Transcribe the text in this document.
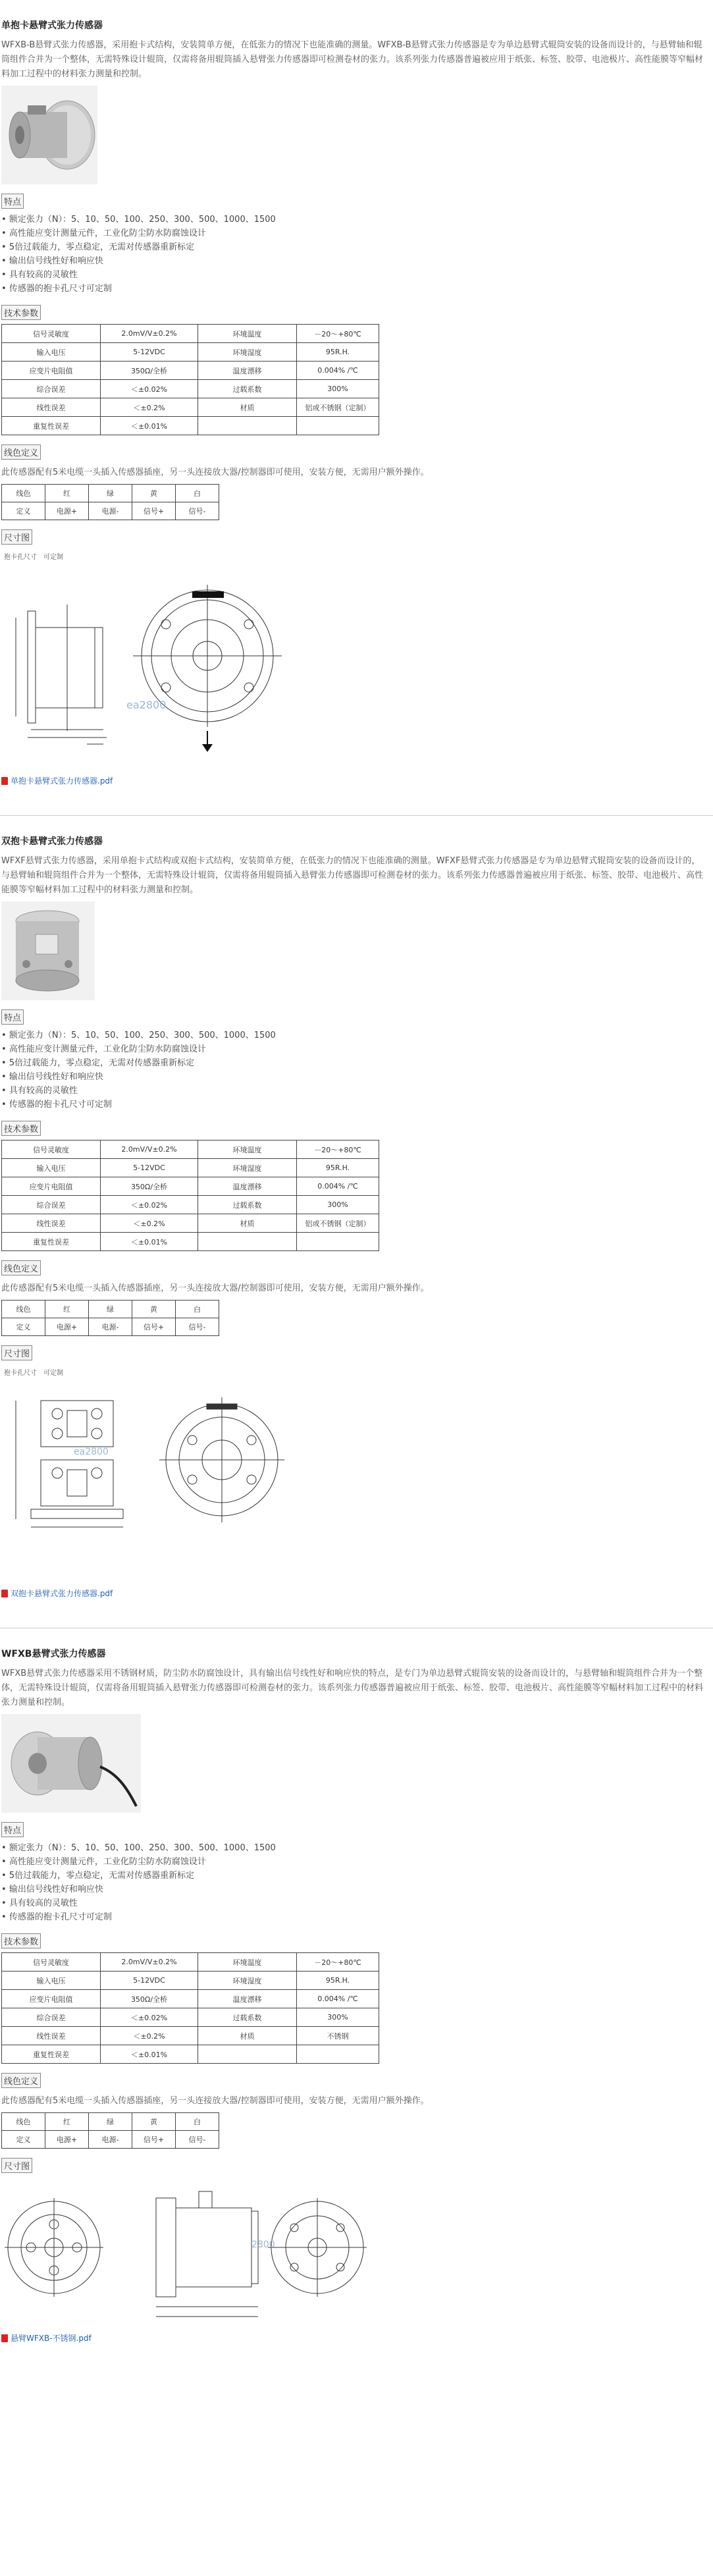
单抱卡悬臂式张力传感器
WFXB-B悬臂式张力传感器，采用抱卡式结构，安装简单方便，在低张力的情况下也能准确的测量。WFXB-B悬臂式张力传感器是专为单边悬臂式辊筒安装的设备而设计的，与悬臂轴和辊筒组件合并为一个整体，无需特殊设计辊筒，仅需将备用辊筒插入悬臂张力传感器即可检测卷材的张力。该系列张力传感器普遍被应用于纸张、标签、胶带、电池极片、高性能膜等窄幅材料加工过程中的材料张力测量和控制。
特点
• 额定张力（N）：5、10、50、100、250、300、500、1000、1500
• 高性能应变计测量元件，工业化防尘防水防腐蚀设计
• 5倍过载能力，零点稳定，无需对传感器重新标定
• 输出信号线性好和响应快
• 具有较高的灵敏性
• 传感器的抱卡孔尺寸可定制
技术参数
信号灵敏度	2.0mV/V±0.2%	环境温度	－20～+80℃
输入电压	5-12VDC	环境湿度	95R.H.
应变片电阻值	350Ω/全桥	温度漂移	0.004% /℃
综合误差	＜±0.02%	过载系数	300%
线性误差	＜±0.2%	材质	铝或不锈钢（定制）
重复性误差	＜±0.01%		
线色定义
此传感器配有5米电缆一头插入传感器插座，另一头连接放大器/控制器即可使用，安装方便，无需用户额外操作。
线色	红	绿	黄	白
定义	电源+	电源-	信号+	信号-
尺寸图
抱卡孔尺寸　可定制
ea2800
单抱卡悬臂式张力传感器.pdf
双抱卡悬臂式张力传感器
WFXF悬臂式张力传感器，采用单抱卡式结构或双抱卡式结构，安装简单方便，在低张力的情况下也能准确的测量。WFXF悬臂式张力传感器是专为单边悬臂式辊筒安装的设备而设计的，与悬臂轴和辊筒组件合并为一个整体，无需特殊设计辊筒，仅需将备用辊筒插入悬臂张力传感器即可检测卷材的张力。该系列张力传感器普遍被应用于纸张、标签、胶带、电池极片、高性能膜等窄幅材料加工过程中的材料张力测量和控制。
特点
• 额定张力（N）：5、10、50、100、250、300、500、1000、1500
• 高性能应变计测量元件，工业化防尘防水防腐蚀设计
• 5倍过载能力，零点稳定，无需对传感器重新标定
• 输出信号线性好和响应快
• 具有较高的灵敏性
• 传感器的抱卡孔尺寸可定制
技术参数
信号灵敏度	2.0mV/V±0.2%	环境温度	－20～+80℃
输入电压	5-12VDC	环境湿度	95R.H.
应变片电阻值	350Ω/全桥	温度漂移	0.004% /℃
综合误差	＜±0.02%	过载系数	300%
线性误差	＜±0.2%	材质	铝或不锈钢（定制）
重复性误差	＜±0.01%		
线色定义
此传感器配有5米电缆一头插入传感器插座，另一头连接放大器/控制器即可使用，安装方便，无需用户额外操作。
线色	红	绿	黄	白
定义	电源+	电源-	信号+	信号-
尺寸图
抱卡孔尺寸　可定制
ea2800
双抱卡悬臂式张力传感器.pdf
WFXB悬臂式张力传感器
WFXB悬臂式张力传感器采用不锈钢材质，防尘防水防腐蚀设计，具有输出信号线性好和响应快的特点，是专门为单边悬臂式辊筒安装的设备而设计的，与悬臂轴和辊筒组件合并为一个整体，无需特殊设计辊筒，仅需将备用辊筒插入悬臂张力传感器即可检测卷材的张力。该系列张力传感器普遍被应用于纸张、标签、胶带、电池极片、高性能膜等窄幅材料加工过程中的材料张力测量和控制。
特点
• 额定张力（N）：5、10、50、100、250、300、500、1000、1500
• 高性能应变计测量元件，工业化防尘防水防腐蚀设计
• 5倍过载能力，零点稳定，无需对传感器重新标定
• 输出信号线性好和响应快
• 具有较高的灵敏性
• 传感器的抱卡孔尺寸可定制
技术参数
信号灵敏度	2.0mV/V±0.2%	环境温度	－20～+80℃
输入电压	5-12VDC	环境湿度	95R.H.
应变片电阻值	350Ω/全桥	温度漂移	0.004% /℃
综合误差	＜±0.02%	过载系数	300%
线性误差	＜±0.2%	材质	不锈钢
重复性误差	＜±0.01%		
线色定义
此传感器配有5米电缆一头插入传感器插座，另一头连接放大器/控制器即可使用，安装方便，无需用户额外操作。
线色	红	绿	黄	白
定义	电源+	电源-	信号+	信号-
尺寸图
2800
悬臂WFXB-不锈钢.pdf
